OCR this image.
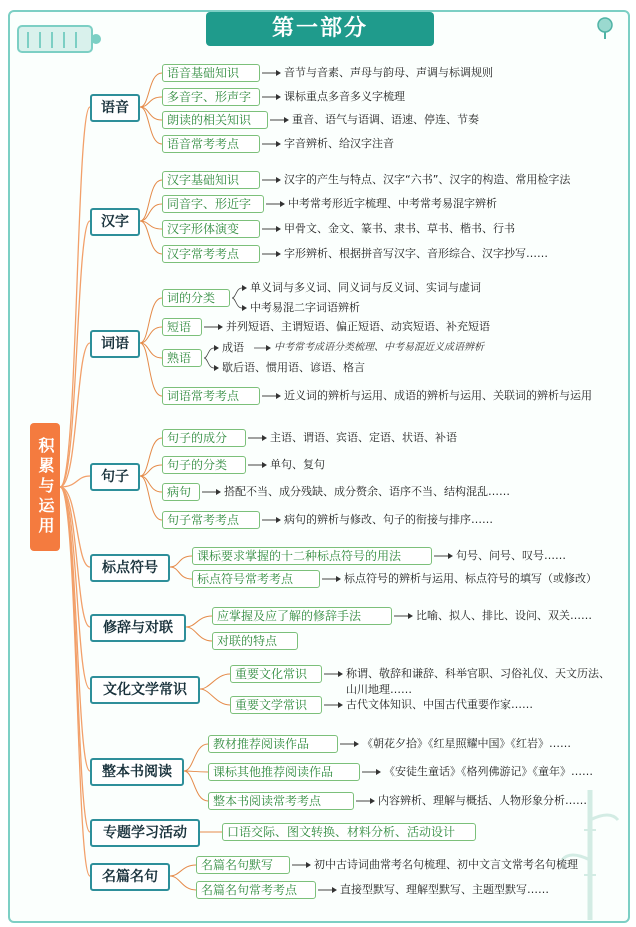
第一部分
积累与运用
语音
语音基础知识	音节与音素、声母与韵母、声调与标调规则
多音字、形声字	课标重点多音多义字梳理
朗读的相关知识	重音、语气与语调、语速、停连、节奏
语音常考考点	字音辨析、给汉字注音
汉字
汉字基础知识	汉字的产生与特点、汉字“六书”、汉字的构造、常用检字法
同音字、形近字	中考常考形近字梳理、中考常考易混字辨析
汉字形体演变	甲骨文、金文、篆书、隶书、草书、楷书、行书
汉字常考考点	字形辨析、根据拼音写汉字、音形综合、汉字抄写……
词语
词的分类
单义词与多义词、同义词与反义词、实词与虚词
中考易混二字词语辨析
短语	并列短语、主谓短语、偏正短语、动宾短语、补充短语
熟语
成语
歇后语、惯用语、谚语、格言
中考常考成语分类梳理、中考易混近义成语辨析
词语常考考点	近义词的辨析与运用、成语的辨析与运用、关联词的辨析与运用
句子
句子的成分	主语、谓语、宾语、定语、状语、补语
句子的分类	单句、复句
病句	搭配不当、成分残缺、成分赘余、语序不当、结构混乱……
句子常考考点	病句的辨析与修改、句子的衔接与排序……
标点符号
课标要求掌握的十二种标点符号的用法	句号、问号、叹号……
标点符号常考考点	标点符号的辨析与运用、标点符号的填写（或修改）
修辞与对联
应掌握及应了解的修辞手法	比喻、拟人、排比、设问、双关……
对联的特点
文化文学常识
重要文化常识	称谓、敬辞和谦辞、科举官职、习俗礼仪、天文历法、
山川地理……
重要文学常识	古代文体知识、中国古代重要作家……
整本书阅读
教材推荐阅读作品	《朝花夕拾》《红星照耀中国》《红岩》……
课标其他推荐阅读作品	《安徒生童话》《格列佛游记》《童年》……
整本书阅读常考考点	内容辨析、理解与概括、人物形象分析……
专题学习活动	口语交际、图文转换、材料分析、活动设计
名篇名句
名篇名句默写	初中古诗词曲常考名句梳理、初中文言文常考名句梳理
名篇名句常考考点	直接型默写、理解型默写、主题型默写……
